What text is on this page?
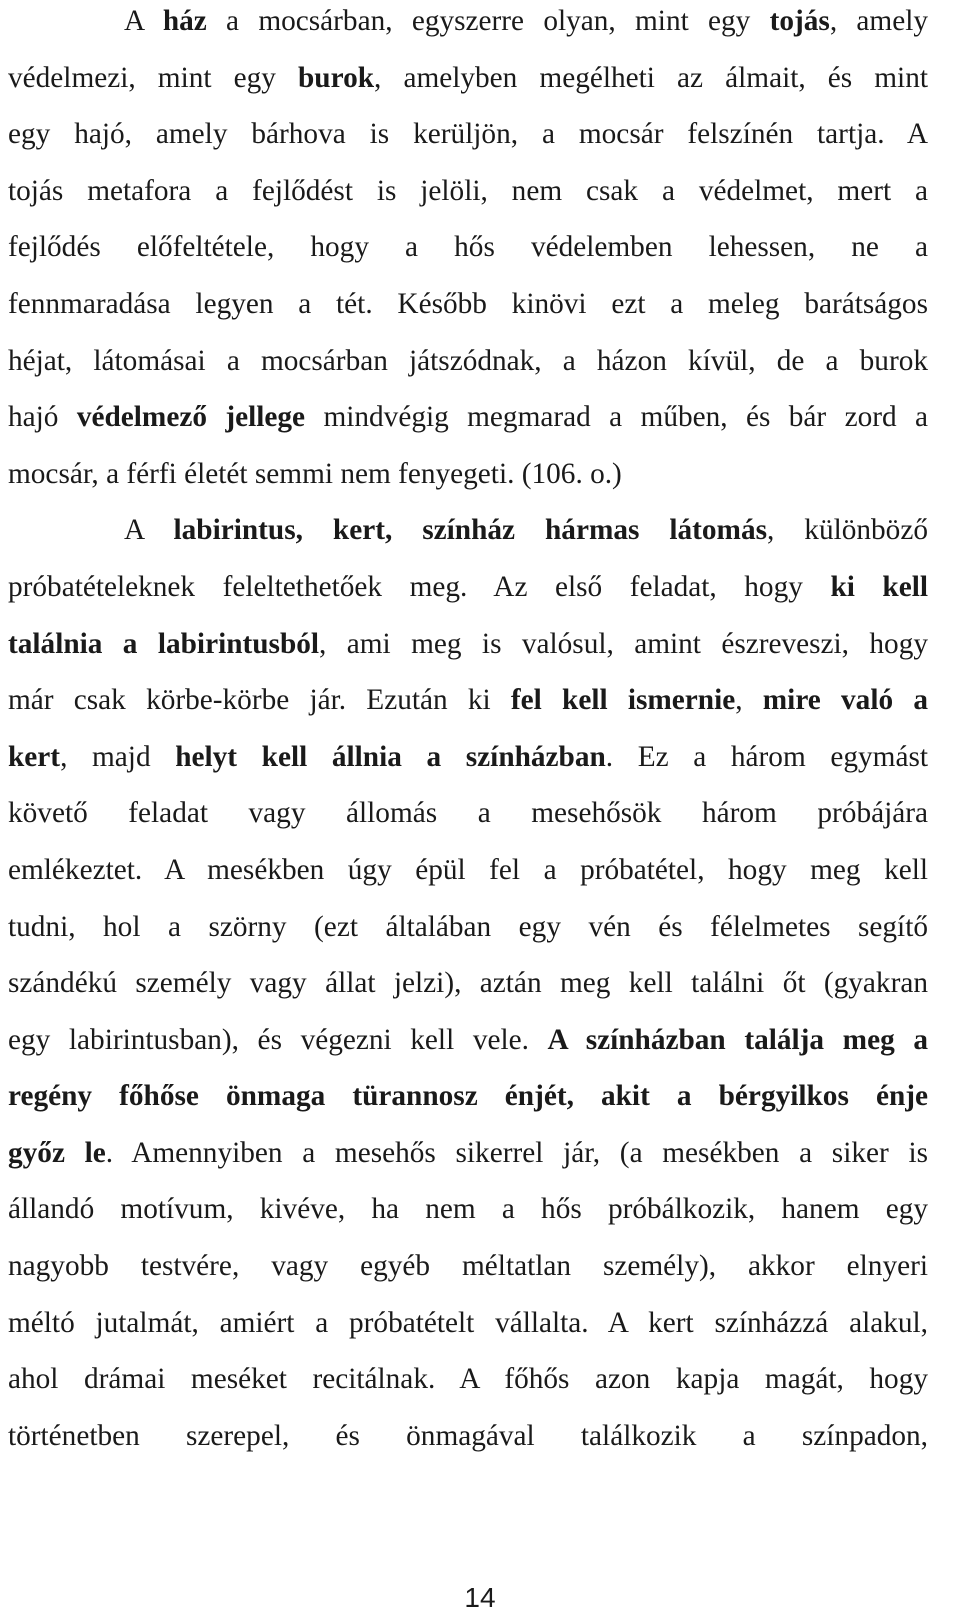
A ház a mocsárban, egyszerre olyan, mint egy tojás, amely
védelmezi, mint egy burok, amelyben megélheti az álmait, és mint
egy hajó, amely bárhova is kerüljön, a mocsár felszínén tartja. A
tojás metafora a fejlődést is jelöli, nem csak a védelmet, mert a
fejlődés előfeltétele, hogy a hős védelemben lehessen, ne a
fennmaradása legyen a tét. Később kinövi ezt a meleg barátságos
héjat, látomásai a mocsárban játszódnak, a házon kívül, de a burok
hajó védelmező jellege mindvégig megmarad a műben, és bár zord a
mocsár, a férfi életét semmi nem fenyegeti. (106. o.)
A labirintus, kert, színház hármas látomás, különböző
próbatételeknek feleltethetőek meg. Az első feladat, hogy ki kell
találnia a labirintusból, ami meg is valósul, amint észreveszi, hogy
már csak körbe-körbe jár. Ezután ki fel kell ismernie, mire való a
kert, majd helyt kell állnia a színházban. Ez a három egymást
követő feladat vagy állomás a mesehősök három próbájára
emlékeztet. A mesékben úgy épül fel a próbatétel, hogy meg kell
tudni, hol a szörny (ezt általában egy vén és félelmetes segítő
szándékú személy vagy állat jelzi), aztán meg kell találni őt (gyakran
egy labirintusban), és végezni kell vele. A színházban találja meg a
regény főhőse önmaga türannosz énjét, akit a bérgyilkos énje
győz le. Amennyiben a mesehős sikerrel jár, (a mesékben a siker is
állandó motívum, kivéve, ha nem a hős próbálkozik, hanem egy
nagyobb testvére, vagy egyéb méltatlan személy), akkor elnyeri
méltó jutalmát, amiért a próbatételt vállalta. A kert színházzá alakul,
ahol drámai meséket recitálnak. A főhős azon kapja magát, hogy
történetben szerepel, és önmagával találkozik a színpadon,
14
